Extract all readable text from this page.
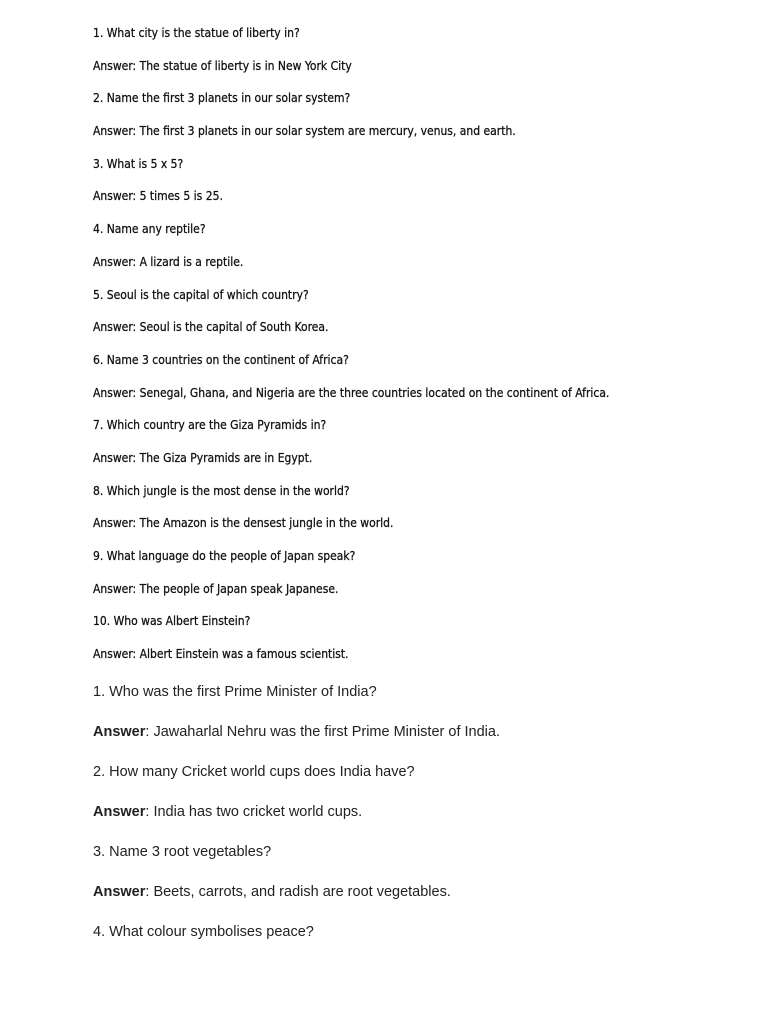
1. What city is the statue of liberty in?
Answer: The statue of liberty is in New York City
2. Name the first 3 planets in our solar system?
Answer: The first 3 planets in our solar system are mercury, venus, and earth.
3. What is 5 x 5?
Answer: 5 times 5 is 25.
4. Name any reptile?
Answer: A lizard is a reptile.
5. Seoul is the capital of which country?
Answer: Seoul is the capital of South Korea.
6. Name 3 countries on the continent of Africa?
Answer: Senegal, Ghana, and Nigeria are the three countries located on the continent of Africa.
7. Which country are the Giza Pyramids in?
Answer: The Giza Pyramids are in Egypt.
8. Which jungle is the most dense in the world?
Answer: The Amazon is the densest jungle in the world.
9. What language do the people of Japan speak?
Answer: The people of Japan speak Japanese.
10. Who was Albert Einstein?
Answer: Albert Einstein was a famous scientist.
1. Who was the first Prime Minister of India?
Answer: Jawaharlal Nehru was the first Prime Minister of India.
2. How many Cricket world cups does India have?
Answer: India has two cricket world cups.
3. Name 3 root vegetables?
Answer: Beets, carrots, and radish are root vegetables.
4. What colour symbolises peace?
